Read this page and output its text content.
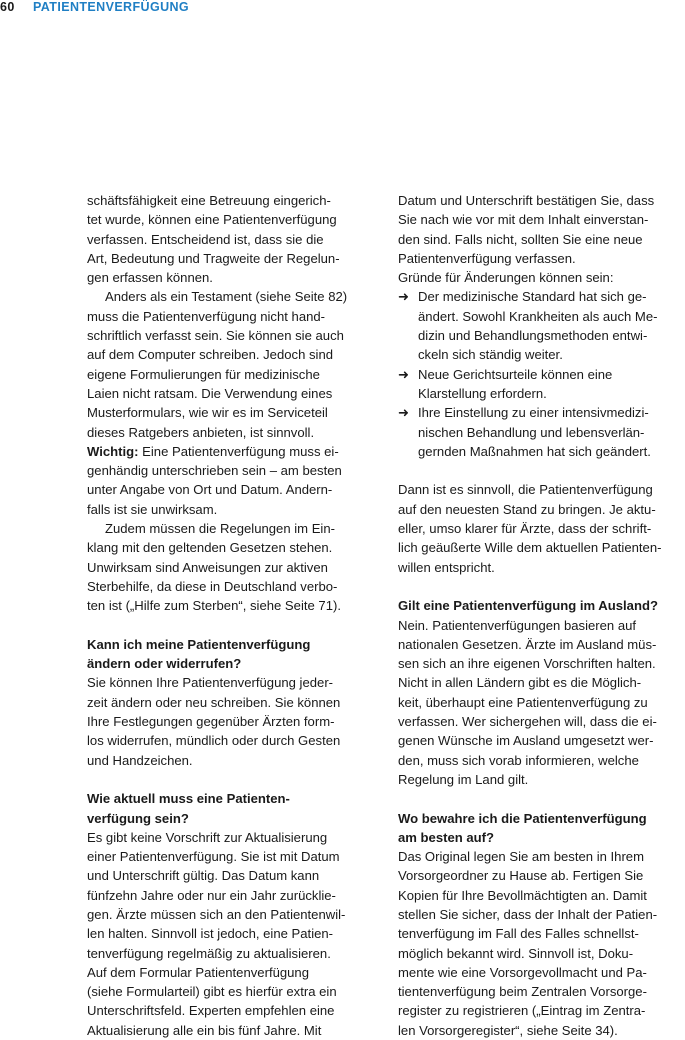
60 PATIENTENVERFÜGUNG
schäftsfähigkeit eine Betreuung eingerich-
tet wurde, können eine Patientenverfügung
verfassen. Entscheidend ist, dass sie die
Art, Bedeutung und Tragweite der Regelun-
gen erfassen können.
Anders als ein Testament (siehe Seite 82)
muss die Patientenverfügung nicht hand-
schriftlich verfasst sein. Sie können sie auch
auf dem Computer schreiben. Jedoch sind
eigene Formulierungen für medizinische
Laien nicht ratsam. Die Verwendung eines
Musterformulars, wie wir es im Serviceteil
dieses Ratgebers anbieten, ist sinnvoll.
Wichtig: Eine Patientenverfügung muss ei-
genhändig unterschrieben sein – am besten
unter Angabe von Ort und Datum. Andern-
falls ist sie unwirksam.
Zudem müssen die Regelungen im Ein-
klang mit den geltenden Gesetzen stehen.
Unwirksam sind Anweisungen zur aktiven
Sterbehilfe, da diese in Deutschland verbo-
ten ist („Hilfe zum Sterben“, siehe Seite 71).
Kann ich meine Patientenverfügung
ändern oder widerrufen?
Sie können Ihre Patientenverfügung jeder-
zeit ändern oder neu schreiben. Sie können
Ihre Festlegungen gegenüber Ärzten form-
los widerrufen, mündlich oder durch Gesten
und Handzeichen.
Wie aktuell muss eine Patienten-
verfügung sein?
Es gibt keine Vorschrift zur Aktualisierung
einer Patientenverfügung. Sie ist mit Datum
und Unterschrift gültig. Das Datum kann
fünfzehn Jahre oder nur ein Jahr zurücklie-
gen. Ärzte müssen sich an den Patientenwil-
len halten. Sinnvoll ist jedoch, eine Patien-
tenverfügung regelmäßig zu aktualisieren.
Auf dem Formular Patientenverfügung
(siehe Formularteil) gibt es hierfür extra ein
Unterschriftsfeld. Experten empfehlen eine
Aktualisierung alle ein bis fünf Jahre. Mit
Datum und Unterschrift bestätigen Sie, dass
Sie nach wie vor mit dem Inhalt einverstan-
den sind. Falls nicht, sollten Sie eine neue
Patientenverfügung verfassen.
Gründe für Änderungen können sein:
➜ Der medizinische Standard hat sich ge-
ändert. Sowohl Krankheiten als auch Me-
dizin und Behandlungsmethoden entwi-
ckeln sich ständig weiter.
➜ Neue Gerichtsurteile können eine
Klarstellung erfordern.
➜ Ihre Einstellung zu einer intensivmedizi-
nischen Behandlung und lebensverlän-
gernden Maßnahmen hat sich geändert.
Dann ist es sinnvoll, die Patientenverfügung
auf den neuesten Stand zu bringen. Je aktu-
eller, umso klarer für Ärzte, dass der schrift-
lich geäußerte Wille dem aktuellen Patienten-
willen entspricht.
Gilt eine Patientenverfügung im Ausland?
Nein. Patientenverfügungen basieren auf
nationalen Gesetzen. Ärzte im Ausland müs-
sen sich an ihre eigenen Vorschriften halten.
Nicht in allen Ländern gibt es die Möglich-
keit, überhaupt eine Patientenverfügung zu
verfassen. Wer sichergehen will, dass die ei-
genen Wünsche im Ausland umgesetzt wer-
den, muss sich vorab informieren, welche
Regelung im Land gilt.
Wo bewahre ich die Patientenverfügung
am besten auf?
Das Original legen Sie am besten in Ihrem
Vorsorgeordner zu Hause ab. Fertigen Sie
Kopien für Ihre Bevollmächtigten an. Damit
stellen Sie sicher, dass der Inhalt der Patien-
tenverfügung im Fall des Falles schnellst-
möglich bekannt wird. Sinnvoll ist, Doku-
mente wie eine Vorsorgevollmacht und Pa-
tientenverfügung beim Zentralen Vorsorge-
register zu registrieren („Eintrag im Zentra-
len Vorsorgeregister“, siehe Seite 34).
